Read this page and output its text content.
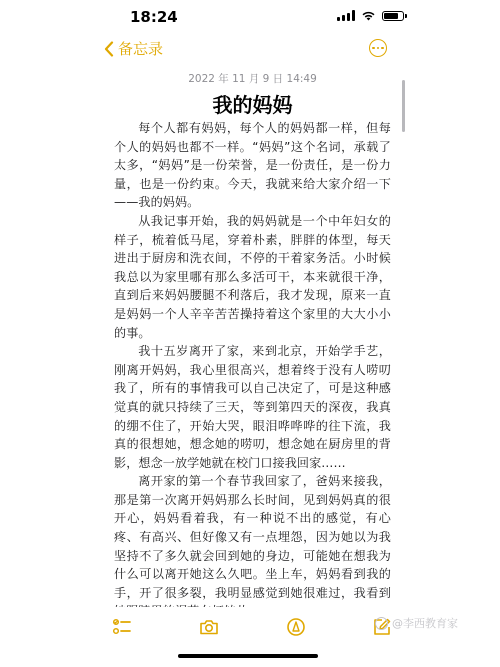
18:24
备忘录
2022 年 11 月 9 日 14:49
我的妈妈

每个人都有妈妈，每个人的妈妈都一样，但每个人的妈妈也都不一样。“妈妈”这个名词，承载了太多，“妈妈”是一份荣誉，是一份责任，是一份力量，也是一份约束。今天，我就来给大家介绍一下——我的妈妈。

从我记事开始，我的妈妈就是一个中年妇女的样子，梳着低马尾，穿着朴素，胖胖的体型，每天进出于厨房和洗衣间，不停的干着家务活。小时候我总以为家里哪有那么多活可干，本来就很干净，直到后来妈妈腰腿不利落后，我才发现，原来一直是妈妈一个人辛辛苦苦操持着这个家里的大大小小的事。

我十五岁离开了家，来到北京，开始学手艺，刚离开妈妈，我心里很高兴，想着终于没有人唠叨我了，所有的事情我可以自己决定了，可是这种感觉真的就只持续了三天，等到第四天的深夜，我真的绷不住了，开始大哭，眼泪哗哗哗的往下流，我真的很想她，想念她的唠叨，想念她在厨房里的背影，想念一放学她就在校门口接我回家……

离开家的第一个春节我回家了，爸妈来接我，那是第一次离开妈妈那么长时间，见到妈妈真的很开心，妈妈看着我，有一种说不出的感觉，有心疼、有高兴、但好像又有一点埋怨，因为她以为我坚持不了多久就会回到她的身边，可能她在想我为什么可以离开她这么久吧。坐上车，妈妈看到我的手，开了很多裂，我明显感觉到她很难过，我看到

@李西教育家
